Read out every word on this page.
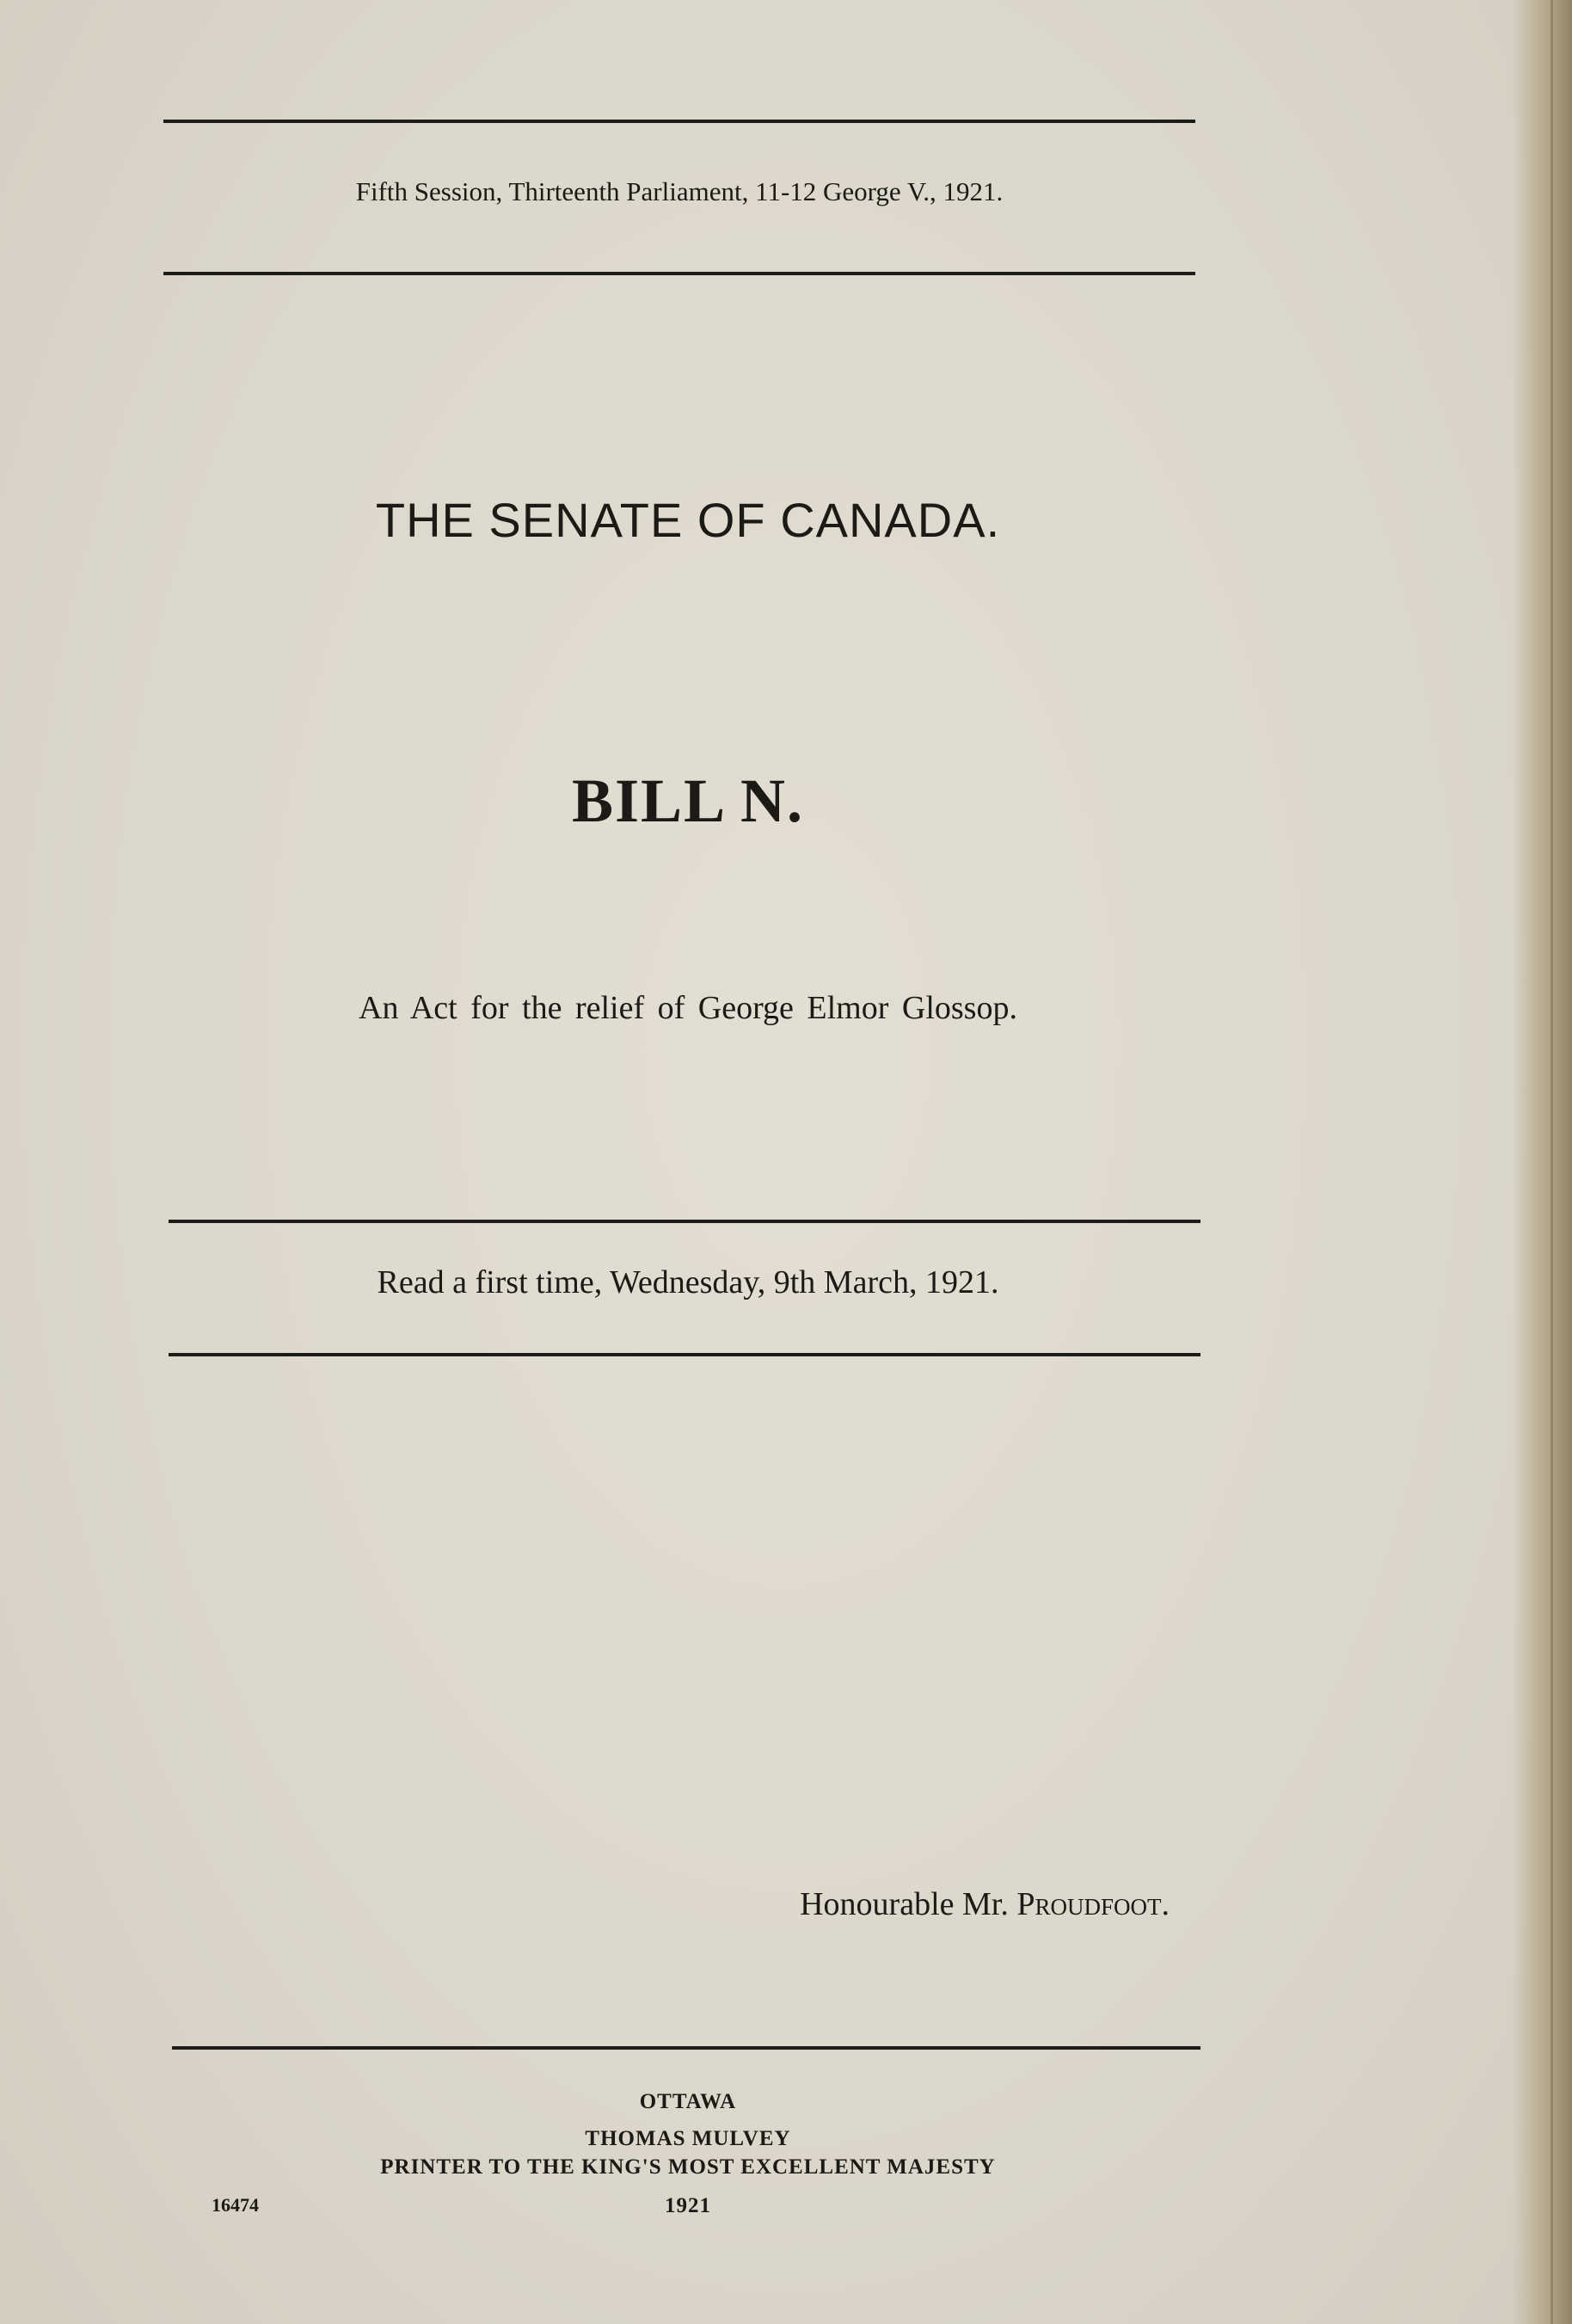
Fifth Session, Thirteenth Parliament, 11-12 George V., 1921.
THE SENATE OF CANADA.
BILL N.
An Act for the relief of George Elmor Glossop.
Read a first time, Wednesday, 9th March, 1921.
Honourable Mr. Proudfoot.
OTTAWA
THOMAS MULVEY
PRINTER TO THE KING'S MOST EXCELLENT MAJESTY
1921
16474
